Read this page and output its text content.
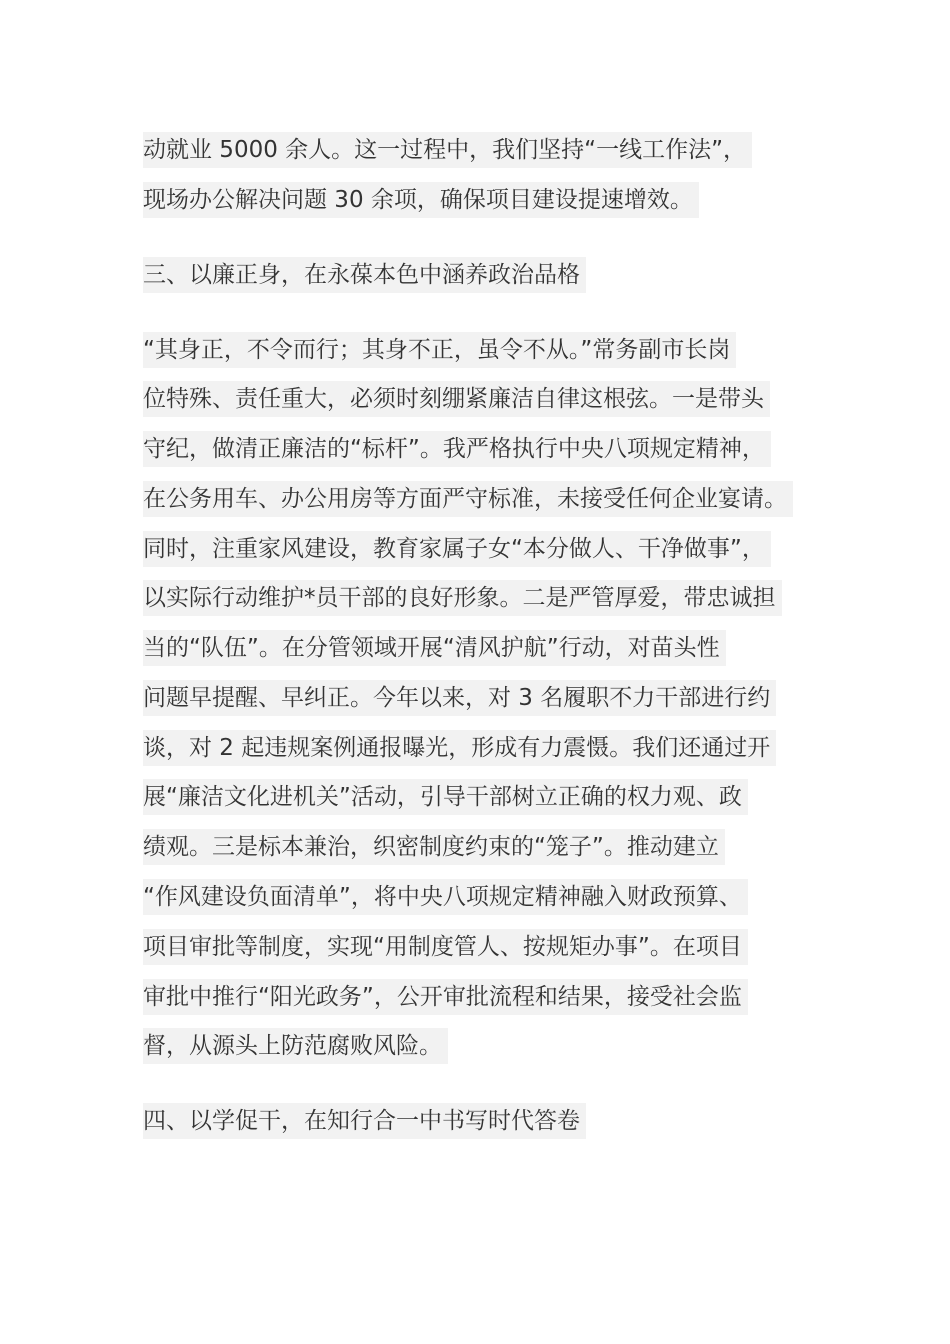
动就业 5000 余人。这一过程中，我们坚持“一线工作法”，
现场办公解决问题 30 余项，确保项目建设提速增效。
三、以廉正身，在永葆本色中涵养政治品格
“其身正，不令而行；其身不正，虽令不从。”常务副市长岗
位特殊、责任重大，必须时刻绷紧廉洁自律这根弦。一是带头
守纪，做清正廉洁的“标杆”。我严格执行中央八项规定精神，
在公务用车、办公用房等方面严守标准，未接受任何企业宴请。
同时，注重家风建设，教育家属子女“本分做人、干净做事”，
以实际行动维护*员干部的良好形象。二是严管厚爱，带忠诚担
当的“队伍”。在分管领域开展“清风护航”行动，对苗头性
问题早提醒、早纠正。今年以来，对 3 名履职不力干部进行约
谈，对 2 起违规案例通报曝光，形成有力震慑。我们还通过开
展“廉洁文化进机关”活动，引导干部树立正确的权力观、政
绩观。三是标本兼治，织密制度约束的“笼子”。推动建立
“作风建设负面清单”，将中央八项规定精神融入财政预算、
项目审批等制度，实现“用制度管人、按规矩办事”。在项目
审批中推行“阳光政务”，公开审批流程和结果，接受社会监
督，从源头上防范腐败风险。
四、以学促干，在知行合一中书写时代答卷
